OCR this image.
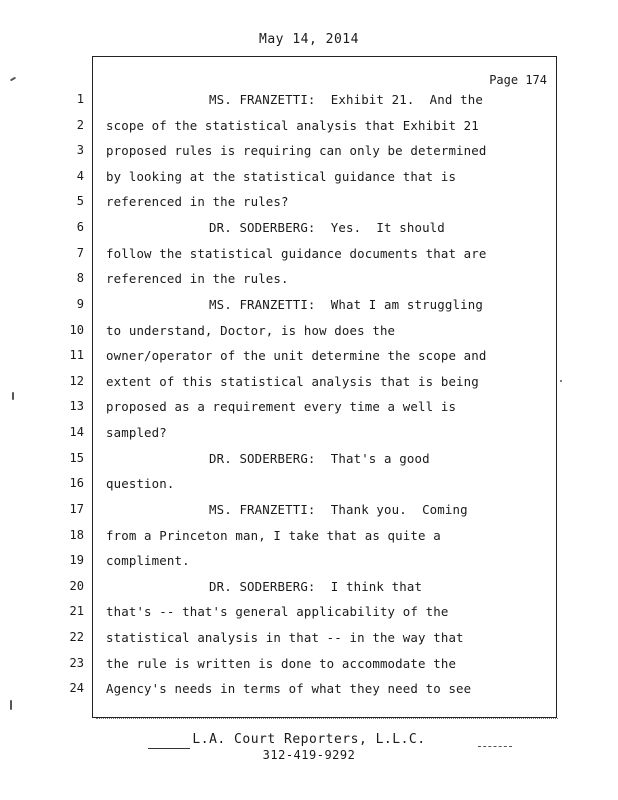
May 14, 2014
Page 174
1	MS. FRANZETTI:  Exhibit 21.  And the
2 scope of the statistical analysis that Exhibit 21
3 proposed rules is requiring can only be determined
4 by looking at the statistical guidance that is
5 referenced in the rules?
6	DR. SODERBERG:  Yes.  It should
7 follow the statistical guidance documents that are
8 referenced in the rules.
9	MS. FRANZETTI:  What I am struggling
10 to understand, Doctor, is how does the
11 owner/operator of the unit determine the scope and
12 extent of this statistical analysis that is being
13 proposed as a requirement every time a well is
14 sampled?
15	DR. SODERBERG:  That's a good
16 question.
17	MS. FRANZETTI:  Thank you.  Coming
18 from a Princeton man, I take that as quite a
19 compliment.
20	DR. SODERBERG:  I think that
21 that's -- that's general applicability of the
22 statistical analysis in that -- in the way that
23 the rule is written is done to accommodate the
24 Agency's needs in terms of what they need to see
L.A. Court Reporters, L.L.C.
312-419-9292
